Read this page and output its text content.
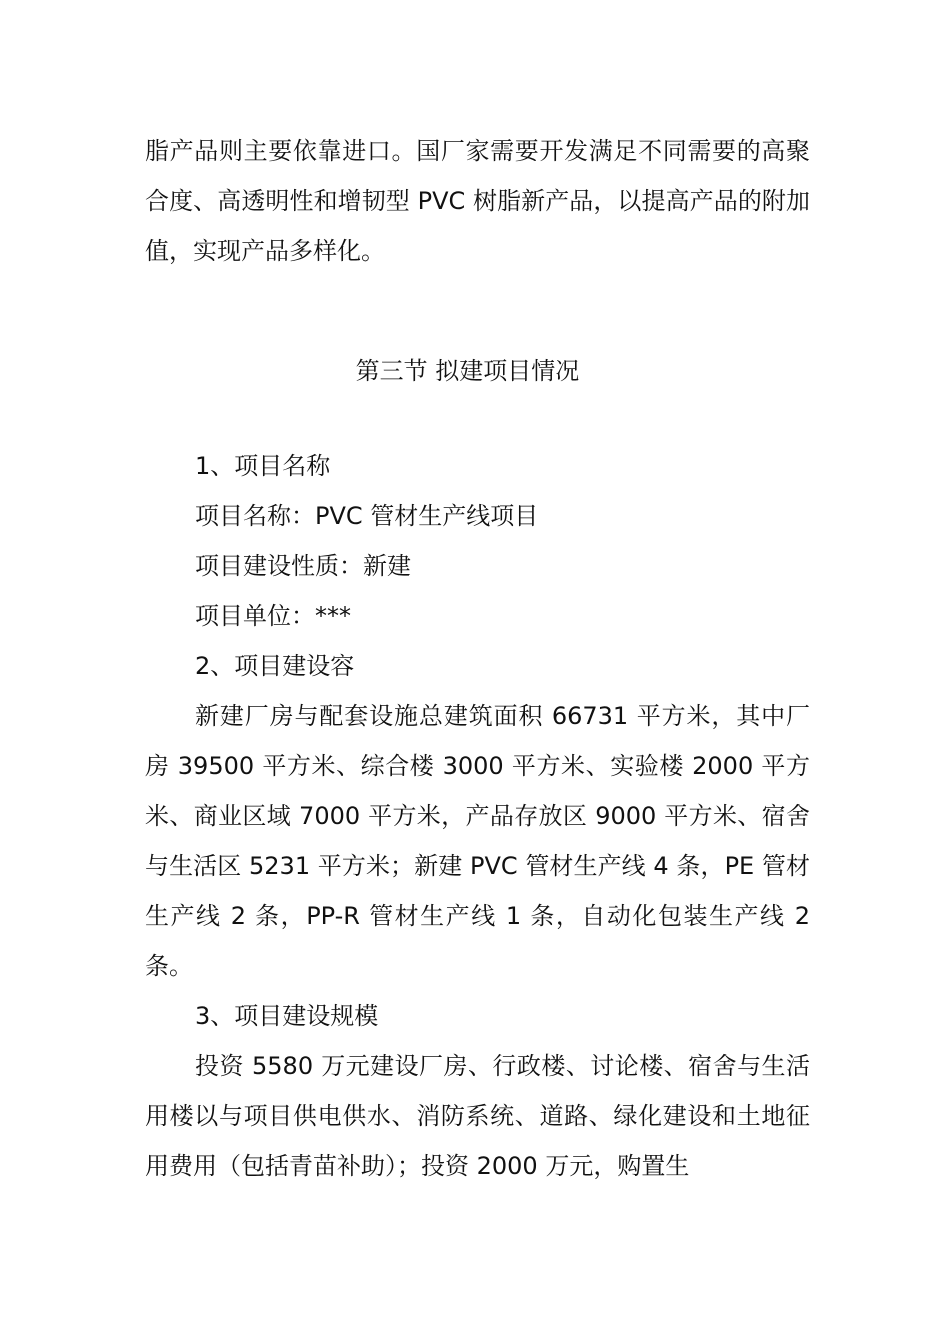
脂产品则主要依靠进口。国厂家需要开发满足不同需要的高聚合度、高透明性和增韧型 PVC 树脂新产品，以提高产品的附加值，实现产品多样化。

第三节 拟建项目情况

1、项目名称

项目名称：PVC 管材生产线项目

项目建设性质：新建

项目单位：***

2、项目建设容

新建厂房与配套设施总建筑面积 66731 平方米，其中厂房 39500 平方米、综合楼 3000 平方米、实验楼 2000 平方米、商业区域 7000 平方米，产品存放区 9000 平方米、宿舍与生活区 5231 平方米；新建 PVC 管材生产线 4 条，PE 管材生产线 2 条，PP-R 管材生产线 1 条，自动化包装生产线 2 条。

3、项目建设规模

投资 5580 万元建设厂房、行政楼、讨论楼、宿舍与生活用楼以与项目供电供水、消防系统、道路、绿化建设和土地征用费用（包括青苗补助）；投资 2000 万元，购置生
